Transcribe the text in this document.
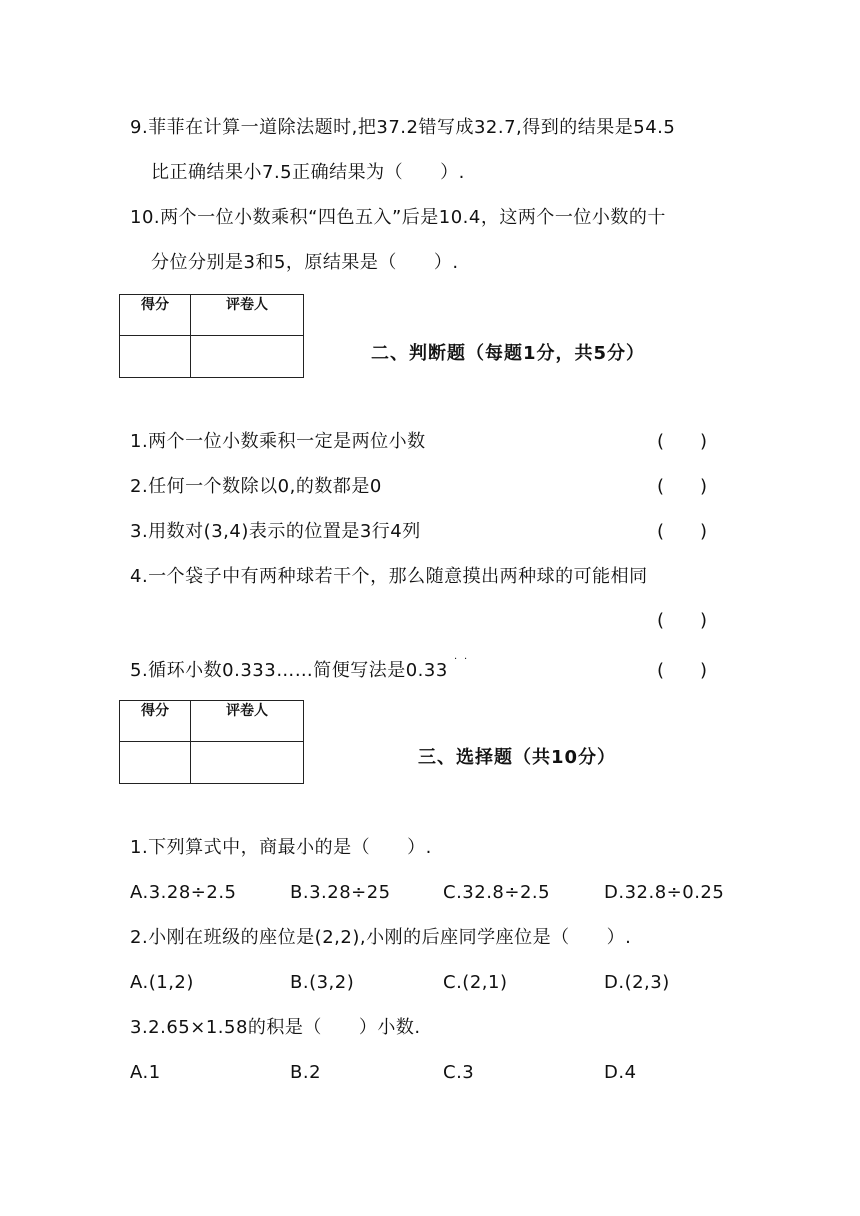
9.菲菲在计算一道除法题时,把37.2错写成32.7,得到的结果是54.5
比正确结果小7.5正确结果为（　　）.
10.两个一位小数乘积“四色五入”后是10.4，这两个一位小数的十
分位分别是3和5，原结果是（　　）.
得分	评卷人

二、判断题（每题1分，共5分）
1.两个一位小数乘积一定是两位小数	(　　)
2.任何一个数除以0,的数都是0	(　　)
3.用数对(3,4)表示的位置是3行4列	(　　)
4.一个袋子中有两种球若干个，那么随意摸出两种球的可能相同
(　　)
5.循环小数0.333……简便写法是0.33
· ·
(　　)
得分	评卷人

三、选择题（共10分）
1.下列算式中，商最小的是（　　）.
A.3.28÷2.5	B.3.28÷25	C.32.8÷2.5	D.32.8÷0.25
2.小刚在班级的座位是(2,2),小刚的后座同学座位是（　　）.
A.(1,2)	B.(3,2)	C.(2,1)	D.(2,3)
3.2.65×1.58的积是（　　）小数.
A.1	B.2	C.3	D.4
